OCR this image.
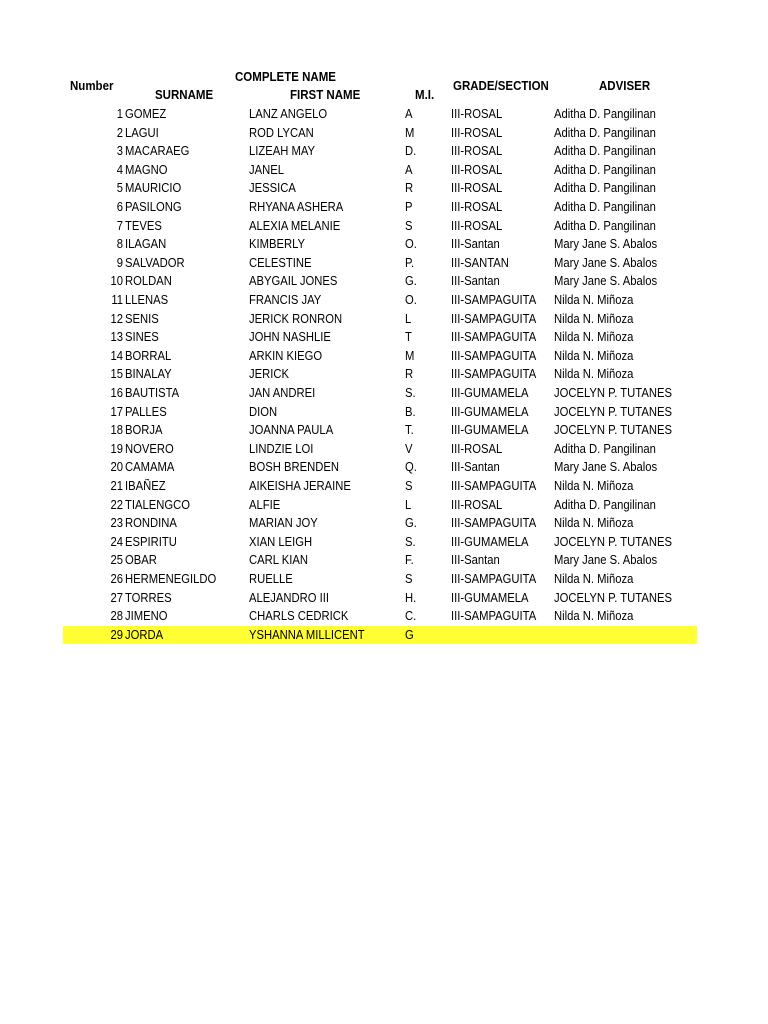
Number
COMPLETE NAME
SURNAME	FIRST NAME	M.I.
GRADE/SECTION	ADVISER
1 GOMEZ	LANZ ANGELO	A	III-ROSAL	Aditha D. Pangilinan
2 LAGUI	ROD LYCAN	M	III-ROSAL	Aditha D. Pangilinan
3 MACARAEG	LIZEAH MAY	D.	III-ROSAL	Aditha D. Pangilinan
4 MAGNO	JANEL	A	III-ROSAL	Aditha D. Pangilinan
5 MAURICIO	JESSICA	R	III-ROSAL	Aditha D. Pangilinan
6 PASILONG	RHYANA ASHERA	P	III-ROSAL	Aditha D. Pangilinan
7 TEVES	ALEXIA MELANIE	S	III-ROSAL	Aditha D. Pangilinan
8 ILAGAN	KIMBERLY	O.	III-Santan	Mary Jane S. Abalos
9 SALVADOR	CELESTINE	P.	III-SANTAN	Mary Jane S. Abalos
10 ROLDAN	ABYGAIL JONES	G.	III-Santan	Mary Jane S. Abalos
11 LLENAS	FRANCIS JAY	O.	III-SAMPAGUITA Nilda N. Miñoza
12 SENIS	JERICK RONRON	L	III-SAMPAGUITA Nilda N. Miñoza
13 SINES	JOHN NASHLIE	T	III-SAMPAGUITA Nilda N. Miñoza
14 BORRAL	ARKIN KIEGO	M	III-SAMPAGUITA Nilda N. Miñoza
15 BINALAY	JERICK	R	III-SAMPAGUITA Nilda N. Miñoza
16 BAUTISTA	JAN ANDREI	S.	III-GUMAMELA JOCELYN P. TUTANES
17 PALLES	DION	B.	III-GUMAMELA JOCELYN P. TUTANES
18 BORJA	JOANNA PAULA	T.	III-GUMAMELA JOCELYN P. TUTANES
19 NOVERO	LINDZIE LOI	V	III-ROSAL	Aditha D. Pangilinan
20 CAMAMA	BOSH BRENDEN	Q.	III-Santan	Mary Jane S. Abalos
21 IBAÑEZ	AIKEISHA JERAINE	S	III-SAMPAGUITA Nilda N. Miñoza
22 TIALENGCO	ALFIE	L	III-ROSAL	Aditha D. Pangilinan
23 RONDINA	MARIAN JOY	G.	III-SAMPAGUITA Nilda N. Miñoza
24 ESPIRITU	XIAN LEIGH	S.	III-GUMAMELA JOCELYN P. TUTANES
25 OBAR	CARL KIAN	F.	III-Santan	Mary Jane S. Abalos
26 HERMENEGILDO	RUELLE	S	III-SAMPAGUITA Nilda N. Miñoza
27 TORRES	ALEJANDRO III	H.	III-GUMAMELA JOCELYN P. TUTANES
28 JIMENO	CHARLS CEDRICK	C.	III-SAMPAGUITA Nilda N. Miñoza
29 JORDA	YSHANNA MILLICENT	G
